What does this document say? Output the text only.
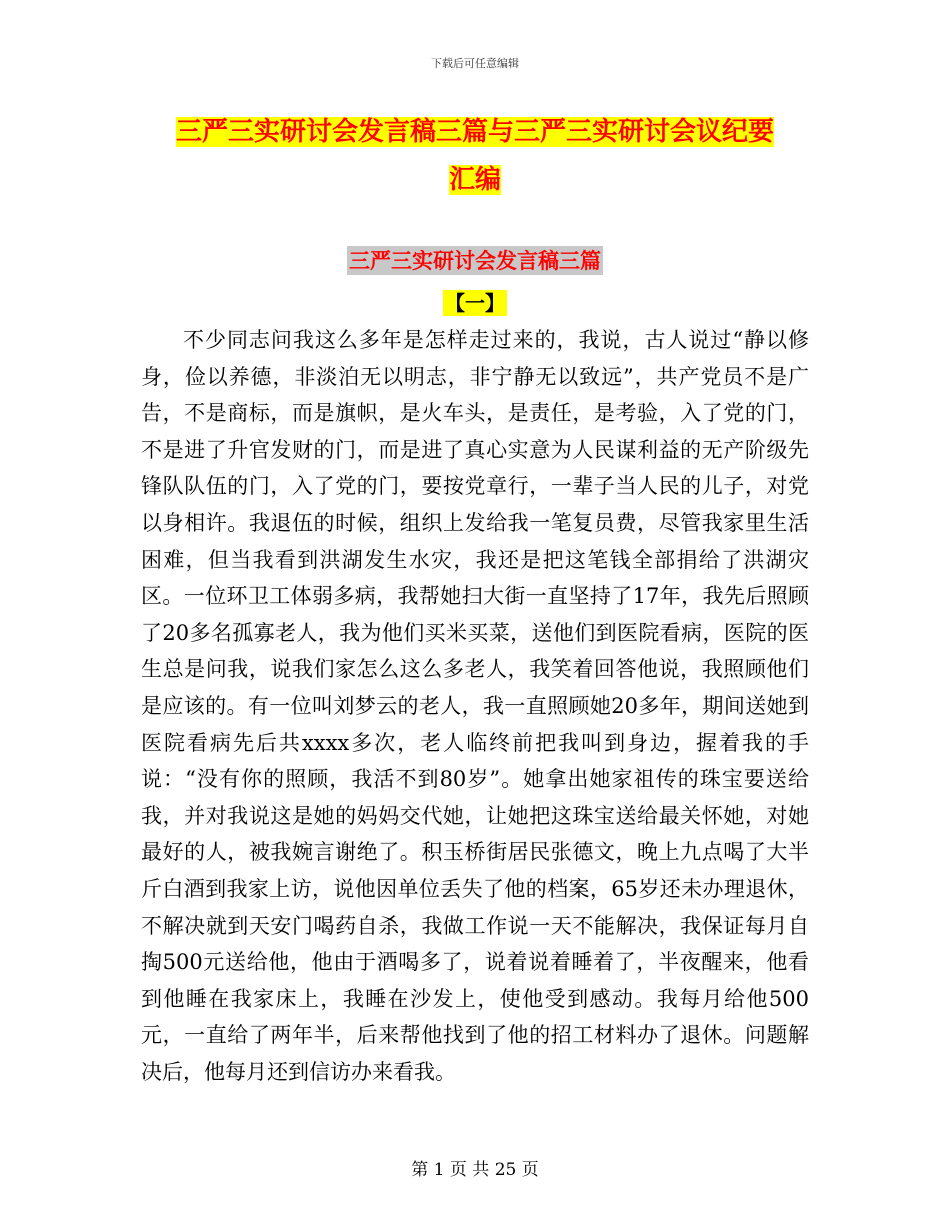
下载后可任意编辑
三严三实研讨会发言稿三篇与三严三实研讨会议纪要
汇编
三严三实研讨会发言稿三篇
【一】

不少同志问我这么多年是怎样走过来的，我说，古人说过“静以修身，俭以养德，非淡泊无以明志，非宁静无以致远”，共产党员不是广告，不是商标，而是旗帜，是火车头，是责任，是考验，入了党的门，不是进了升官发财的门，而是进了真心实意为人民谋利益的无产阶级先锋队队伍的门，入了党的门，要按党章行，一辈子当人民的儿子，对党以身相许。我退伍的时候，组织上发给我一笔复员费，尽管我家里生活困难，但当我看到洪湖发生水灾，我还是把这笔钱全部捐给了洪湖灾区。一位环卫工体弱多病，我帮她扫大街一直坚持了17年，我先后照顾了20多名孤寡老人，我为他们买米买菜，送他们到医院看病，医院的医生总是问我，说我们家怎么这么多老人，我笑着回答他说，我照顾他们是应该的。有一位叫刘梦云的老人，我一直照顾她20多年，期间送她到医院看病先后共xxxx多次，老人临终前把我叫到身边，握着我的手说：“没有你的照顾，我活不到80岁”。她拿出她家祖传的珠宝要送给我，并对我说这是她的妈妈交代她，让她把这珠宝送给最关怀她，对她最好的人，被我婉言谢绝了。积玉桥街居民张德文，晚上九点喝了大半斤白酒到我家上访，说他因单位丢失了他的档案，65岁还未办理退休，不解决就到天安门喝药自杀，我做工作说一天不能解决，我保证每月自掏500元送给他，他由于酒喝多了，说着说着睡着了，半夜醒来，他看到他睡在我家床上，我睡在沙发上，使他受到感动。我每月给他500元，一直给了两年半，后来帮他找到了他的招工材料办了退休。问题解决后，他每月还到信访办来看我。

第 1 页 共 25 页
